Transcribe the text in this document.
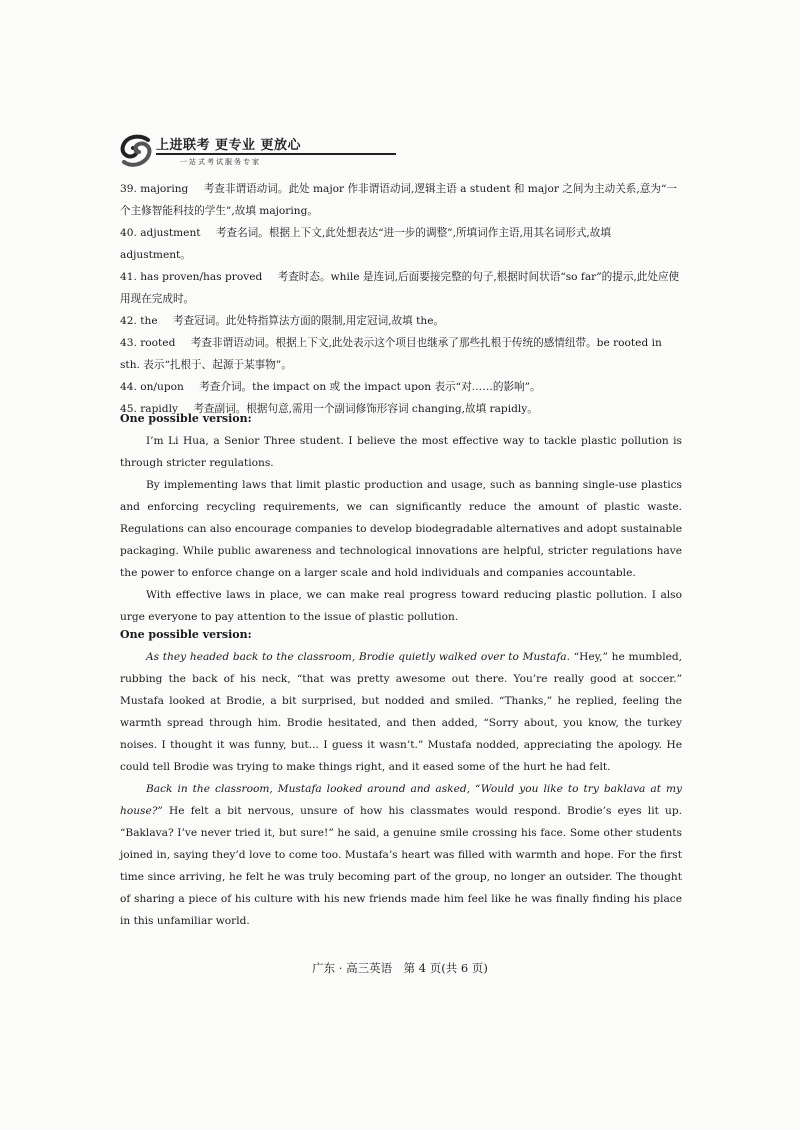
上进联考 更专业 更放心
一站式考试服务专家
39. majoring 考查非谓语动词。此处 major 作非谓语动词,逻辑主语 a student 和 major 之间为主动关系,意为“一个主修智能科技的学生”,故填 majoring。
40. adjustment 考查名词。根据上下文,此处想表达“进一步的调整”,所填词作主语,用其名词形式,故填 adjustment。
41. has proven/has proved 考查时态。while 是连词,后面要接完整的句子,根据时间状语“so far”的提示,此处应使用现在完成时。
42. the 考查冠词。此处特指算法方面的限制,用定冠词,故填 the。
43. rooted 考查非谓语动词。根据上下文,此处表示这个项目也继承了那些扎根于传统的感情纽带。be rooted in sth. 表示“扎根于、起源于某事物”。
44. on/upon 考查介词。the impact on 或 the impact upon 表示“对……的影响”。
45. rapidly 考查副词。根据句意,需用一个副词修饰形容词 changing,故填 rapidly。
One possible version:

I’m Li Hua, a Senior Three student. I believe the most effective way to tackle plastic pollution is through stricter regulations.

By implementing laws that limit plastic production and usage, such as banning single-use plastics and enforcing recycling requirements, we can significantly reduce the amount of plastic waste. Regulations can also encourage companies to develop biodegradable alternatives and adopt sustainable packaging. While public awareness and technological innovations are helpful, stricter regulations have the power to enforce change on a larger scale and hold individuals and companies accountable.

With effective laws in place, we can make real progress toward reducing plastic pollution. I also urge everyone to pay attention to the issue of plastic pollution.

One possible version:

As they headed back to the classroom, Brodie quietly walked over to Mustafa. “Hey,” he mumbled, rubbing the back of his neck, “that was pretty awesome out there. You’re really good at soccer.” Mustafa looked at Brodie, a bit surprised, but nodded and smiled. “Thanks,” he replied, feeling the warmth spread through him. Brodie hesitated, and then added, “Sorry about, you know, the turkey noises. I thought it was funny, but... I guess it wasn’t.” Mustafa nodded, appreciating the apology. He could tell Brodie was trying to make things right, and it eased some of the hurt he had felt.

Back in the classroom, Mustafa looked around and asked, “Would you like to try baklava at my house?” He felt a bit nervous, unsure of how his classmates would respond. Brodie’s eyes lit up. “Baklava? I’ve never tried it, but sure!” he said, a genuine smile crossing his face. Some other students joined in, saying they’d love to come too. Mustafa’s heart was filled with warmth and hope. For the first time since arriving, he felt he was truly becoming part of the group, no longer an outsider. The thought of sharing a piece of his culture with his new friends made him feel like he was finally finding his place in this unfamiliar world.

广东 · 高三英语　第 4 页(共 6 页)
